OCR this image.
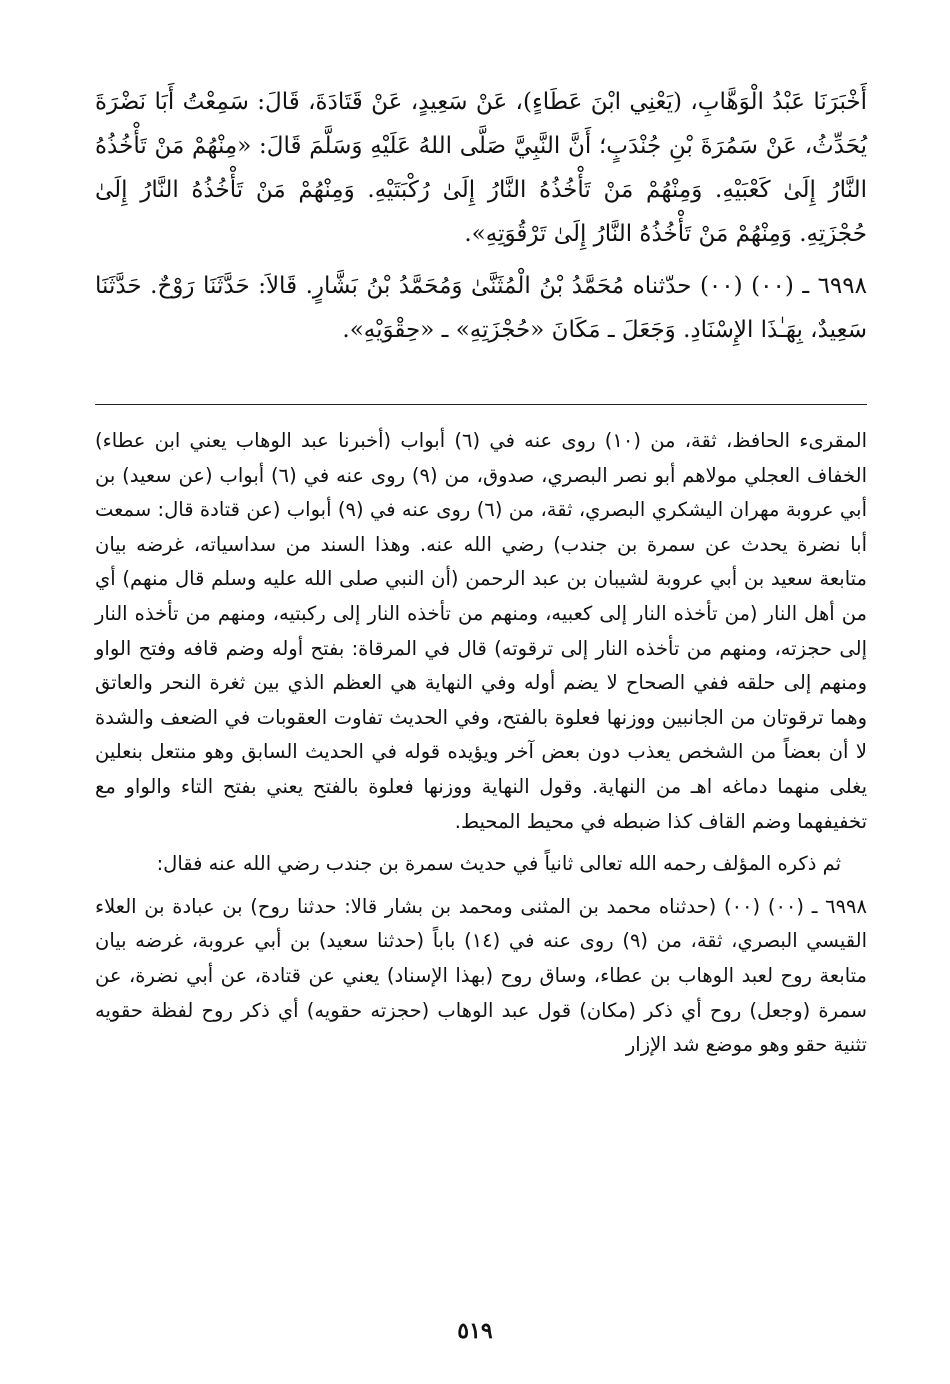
أَخْبَرَنَا عَبْدُ الْوَهَّابِ، (يَعْنِي ابْنَ عَطَاءٍ)، عَنْ سَعِيدٍ، عَنْ قَتَادَةَ، قَالَ: سَمِعْتُ أَبَا نَضْرَةَ يُحَدِّثُ، عَنْ سَمُرَةَ بْنِ جُنْدَبٍ؛ أَنَّ النَّبِيَّ صَلَّى اللهُ عَلَيْهِ وَسَلَّمَ قَالَ: «مِنْهُمْ مَنْ تَأْخُذُهُ النَّارُ إِلَىٰ كَعْبَيْهِ. وَمِنْهُمْ مَنْ تَأْخُذُهُ النَّارُ إِلَىٰ رُكْبَتَيْهِ. وَمِنْهُمْ مَنْ تَأْخُذُهُ النَّارُ إِلَىٰ حُجْزَتِهِ. وَمِنْهُمْ مَنْ تَأْخُذُهُ النَّارُ إِلَىٰ تَرْقُوَتِهِ».

٦٩٩٨ ـ (٠٠) (٠٠) حدّثناه مُحَمَّدُ بْنُ الْمُثَنَّىٰ وَمُحَمَّدُ بْنُ بَشَّارٍ. قَالاَ: حَدَّثَنَا رَوْحٌ. حَدَّثَنَا سَعِيدٌ، بِهَـٰذَا الإِسْنَادِ. وَجَعَلَ ـ مَكَانَ «حُجْزَتِهِ» ـ «حِقْوَيْهِ».

المقرىء الحافظ، ثقة، من (١٠) روى عنه في (٦) أبواب (أخبرنا عبد الوهاب يعني ابن عطاء) الخفاف العجلي مولاهم أبو نصر البصري، صدوق، من (٩) روى عنه في (٦) أبواب (عن سعيد) بن أبي عروبة مهران اليشكري البصري، ثقة، من (٦) روى عنه في (٩) أبواب (عن قتادة قال: سمعت أبا نضرة يحدث عن سمرة بن جندب) رضي الله عنه. وهذا السند من سداسياته، غرضه بيان متابعة سعيد بن أبي عروبة لشيبان بن عبد الرحمن (أن النبي صلى الله عليه وسلم قال منهم) أي من أهل النار (من تأخذه النار إلى كعبيه، ومنهم من تأخذه النار إلى ركبتيه، ومنهم من تأخذه النار إلى حجزته، ومنهم من تأخذه النار إلى ترقوته) قال في المرقاة: بفتح أوله وضم قافه وفتح الواو ومنهم إلى حلقه ففي الصحاح لا يضم أوله وفي النهاية هي العظم الذي بين ثغرة النحر والعاتق وهما ترقوتان من الجانبين ووزنها فعلوة بالفتح، وفي الحديث تفاوت العقوبات في الضعف والشدة لا أن بعضاً من الشخص يعذب دون بعض آخر ويؤيده قوله في الحديث السابق وهو منتعل بنعلين يغلى منهما دماغه اهـ من النهاية. وقول النهاية ووزنها فعلوة بالفتح يعني بفتح التاء والواو مع تخفيفهما وضم القاف كذا ضبطه في محيط المحيط.

ثم ذكره المؤلف رحمه الله تعالى ثانياً في حديث سمرة بن جندب رضي الله عنه فقال:

٦٩٩٨ ـ (٠٠) (٠٠) (حدثناه محمد بن المثنى ومحمد بن بشار قالا: حدثنا روح) بن عبادة بن العلاء القيسي البصري، ثقة، من (٩) روى عنه في (١٤) باباً (حدثنا سعيد) بن أبي عروبة، غرضه بيان متابعة روح لعبد الوهاب بن عطاء، وساق روح (بهذا الإسناد) يعني عن قتادة، عن أبي نضرة، عن سمرة (وجعل) روح أي ذكر (مكان) قول عبد الوهاب (حجزته حقويه) أي ذكر روح لفظة حقويه تثنية حقو وهو موضع شد الإزار

٥١٩
